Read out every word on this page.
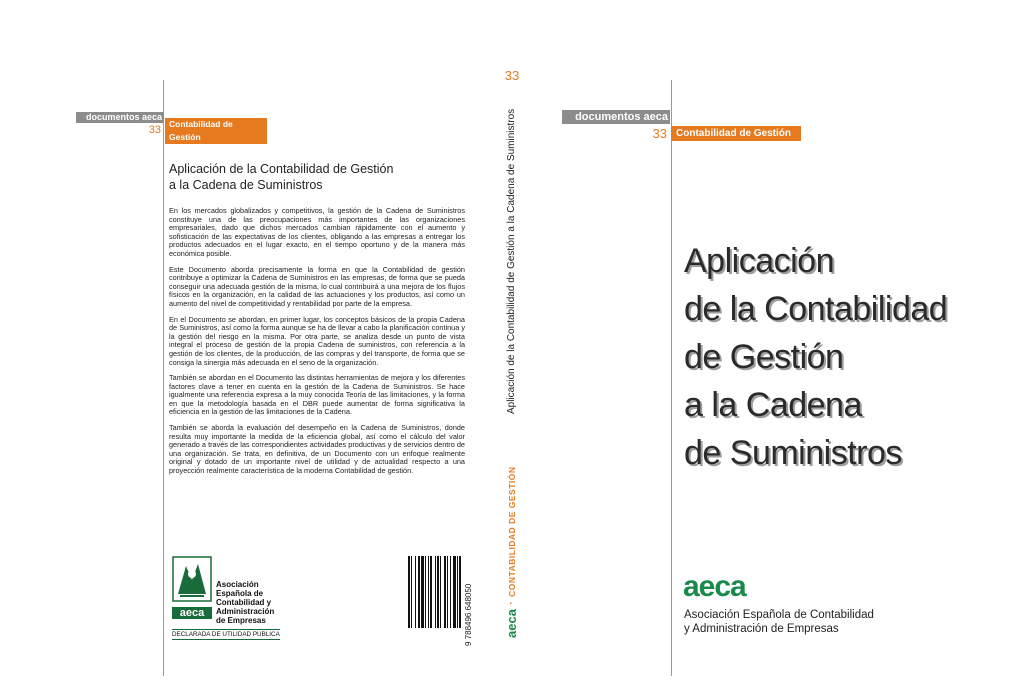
documentos aeca
33
Contabilidad de Gestión
Aplicación de la Contabilidad de Gestión
a la Cadena de Suministros

En los mercados globalizados y competitivos, la gestión de la Cadena de Suministros constituye una de las preocupaciones más importantes de las organizaciones empresariales, dado que dichos mercados cambian rápidamente con el aumento y sofisticación de las expectativas de los clientes, obligando a las empresas a entregar los productos adecuados en el lugar exacto, en el tiempo oportuno y de la manera más económica posible.

Este Documento aborda precisamente la forma en que la Contabilidad de gestión contribuye a optimizar la Cadena de Suministros en las empresas, de forma que se pueda conseguir una adecuada gestión de la misma, lo cual contribuirá a una mejora de los flujos físicos en la organización, en la calidad de las actuaciones y los productos, así como un aumento del nivel de competitividad y rentabilidad por parte de la empresa.

En el Documento se abordan, en primer lugar, los conceptos básicos de la propia Cadena de Suministros, así como la forma aunque se ha de llevar a cabo la planificación continua y la gestión del riesgo en la misma. Por otra parte, se analiza desde un punto de vista integral el proceso de gestión de la propia Cadena de suministros, con referencia a la gestión de los clientes, de la producción, de las compras y del transporte, de forma que se consiga la sinergia más adecuada en el seno de la organización.

También se abordan en el Documento las distintas herramientas de mejora y los diferentes factores clave a tener en cuenta en la gestión de la Cadena de Suministros. Se hace igualmente una referencia expresa a la muy conocida Teoría de las limitaciones, y la forma en que la metodología basada en el DBR puede aumentar de forma significativa la eficiencia en la gestión de las limitaciones de la Cadena.

También se aborda la evaluación del desempeño en la Cadena de Suministros, donde resulta muy importante la medida de la eficiencia global, así como el cálculo del valor generado a través de las correspondientes actividades productivas y de servicios dentro de una organización. Se trata, en definitiva, de un Documento con un enfoque realmente original y dotado de un importante nivel de utilidad y de actualidad respecto a una proyección realmente característica de la moderna Contabilidad de gestión.

aeca
Asociación
Española de
Contabilidad y
Administración
de Empresas
DECLARADA DE UTILIDAD PUBLICA	9 788496 648050
33
Aplicación de la Contabilidad de Gestión a la Cadena de Suministros
aeca · CONTABILIDAD DE GESTIÓN
documentos aeca
33 Contabilidad de Gestión
Aplicación
de la Contabilidad
de Gestión
a la Cadena
de Suministros
aeca
Asociación Española de Contabilidad
y Administración de Empresas
